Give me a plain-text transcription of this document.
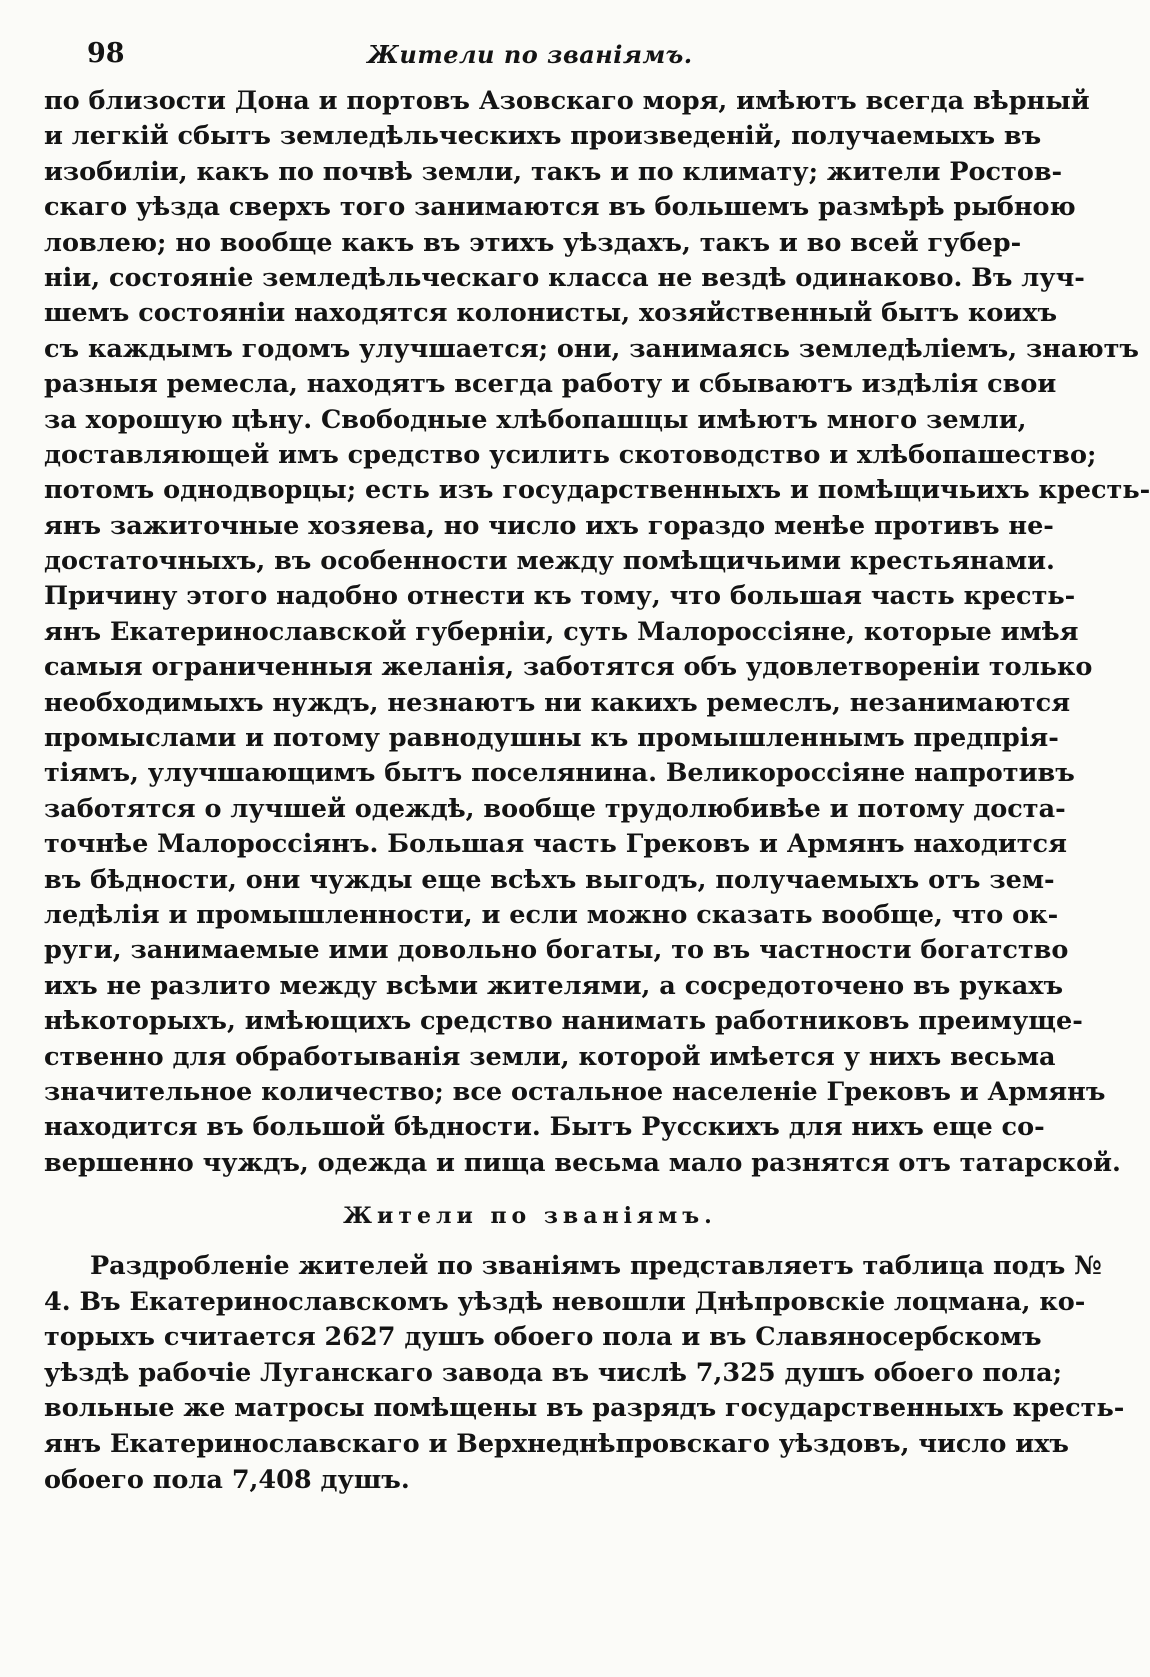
98	Жители по званіямъ.
по близости Дона и портовъ Азовскаго моря, имѣютъ всегда вѣрный
и легкій сбытъ земледѣльческихъ произведеній, получаемыхъ въ
изобиліи, какъ по почвѣ земли, такъ и по климату; жители Ростов-
скаго уѣзда сверхъ того занимаются въ большемъ размѣрѣ рыбною
ловлею; но вообще какъ въ этихъ уѣздахъ, такъ и во всей губер-
ніи, состояніе земледѣльческаго класса не вездѣ одинаково. Въ луч-
шемъ состояніи находятся колонисты, хозяйственный бытъ коихъ
съ каждымъ годомъ улучшается; они, занимаясь земледѣліемъ, знаютъ
разныя ремесла, находятъ всегда работу и сбываютъ издѣлія свои
за хорошую цѣну. Свободные хлѣбопашцы имѣютъ много земли,
доставляющей имъ средство усилить скотоводство и хлѣбопашество;
потомъ однодворцы; есть изъ государственныхъ и помѣщичьихъ кресть-
янъ зажиточные хозяева, но число ихъ гораздо менѣе противъ не-
достаточныхъ, въ особенности между помѣщичьими крестьянами.
Причину этого надобно отнести къ тому, что большая часть кресть-
янъ Екатеринославской губерніи, суть Малороссіяне, которые имѣя
самыя ограниченныя желанія, заботятся объ удовлетвореніи только
необходимыхъ нуждъ, незнаютъ ни какихъ ремеслъ, незанимаются
промыслами и потому равнодушны къ промышленнымъ предпрія-
тіямъ, улучшающимъ бытъ поселянина. Великороссіяне напротивъ
заботятся о лучшей одеждѣ, вообще трудолюбивѣе и потому доста-
точнѣе Малороссіянъ. Большая часть Грековъ и Армянъ находится
въ бѣдности, они чужды еще всѣхъ выгодъ, получаемыхъ отъ зем-
ледѣлія и промышленности, и если можно сказать вообще, что ок-
руги, занимаемые ими довольно богаты, то въ частности богатство
ихъ не разлито между всѣми жителями, а сосредоточено въ рукахъ
нѣкоторыхъ, имѣющихъ средство нанимать работниковъ преимуще-
ственно для обработыванія земли, которой имѣется у нихъ весьма
значительное количество; все остальное населеніе Грековъ и Армянъ
находится въ большой бѣдности. Бытъ Русскихъ для нихъ еще со-
вершенно чуждъ, одежда и пища весьма мало разнятся отъ татарской.
Жители по званіямъ.
Раздробленіе жителей по званіямъ представляетъ таблица подъ №
4. Въ Екатеринославскомъ уѣздѣ невошли Днѣпровскіе лоцмана, ко-
торыхъ считается 2627 душъ обоего пола и въ Славяносербскомъ
уѣздѣ рабочіе Луганскаго завода въ числѣ 7,325 душъ обоего пола;
вольные же матросы помѣщены въ разрядъ государственныхъ кресть-
янъ Екатеринославскаго и Верхнеднѣпровскаго уѣздовъ, число ихъ
обоего пола 7,408 душъ.
